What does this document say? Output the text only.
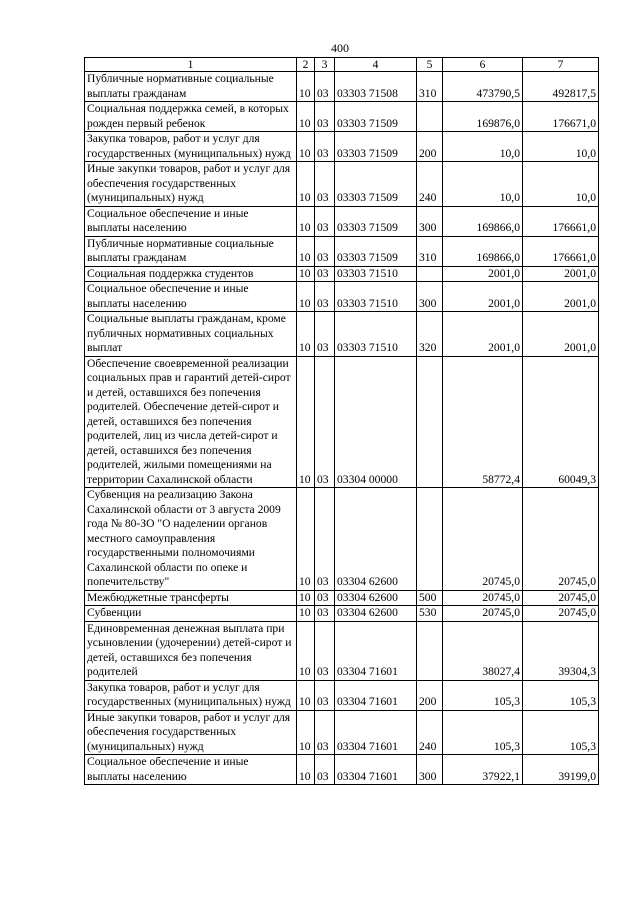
400
1	2	3	4	5	6	7
Публичные нормативные социальные выплаты гражданам	10	03	03303 71508	310	473790,5	492817,5
Социальная поддержка семей, в которых рожден первый ребенок	10	03	03303 71509		169876,0	176671,0
Закупка товаров, работ и услуг для государственных (муниципальных) нужд	10	03	03303 71509	200	10,0	10,0
Иные закупки товаров, работ и услуг для обеспечения государственных (муниципальных) нужд	10	03	03303 71509	240	10,0	10,0
Социальное обеспечение и иные выплаты населению	10	03	03303 71509	300	169866,0	176661,0
Публичные нормативные социальные выплаты гражданам	10	03	03303 71509	310	169866,0	176661,0
Социальная поддержка студентов	10	03	03303 71510		2001,0	2001,0
Социальное обеспечение и иные выплаты населению	10	03	03303 71510	300	2001,0	2001,0
Социальные выплаты гражданам, кроме публичных нормативных социальных выплат	10	03	03303 71510	320	2001,0	2001,0
Обеспечение своевременной реализации социальных прав и гарантий детей-сирот и детей, оставшихся без попечения родителей. Обеспечение детей-сирот и детей, оставшихся без попечения родителей, лиц из числа детей-сирот и детей, оставшихся без попечения родителей, жилыми помещениями на территории Сахалинской области	10	03	03304 00000		58772,4	60049,3
Субвенция на реализацию Закона Сахалинской области от 3 августа 2009 года № 80-ЗО "О наделении органов местного самоуправления государственными полномочиями Сахалинской области по опеке и попечительству"	10	03	03304 62600		20745,0	20745,0
Межбюджетные трансферты	10	03	03304 62600	500	20745,0	20745,0
Субвенции	10	03	03304 62600	530	20745,0	20745,0
Единовременная денежная выплата при усыновлении (удочерении) детей-сирот и детей, оставшихся без попечения родителей	10	03	03304 71601		38027,4	39304,3
Закупка товаров, работ и услуг для государственных (муниципальных) нужд	10	03	03304 71601	200	105,3	105,3
Иные закупки товаров, работ и услуг для обеспечения государственных (муниципальных) нужд	10	03	03304 71601	240	105,3	105,3
Социальное обеспечение и иные выплаты населению	10	03	03304 71601	300	37922,1	39199,0
